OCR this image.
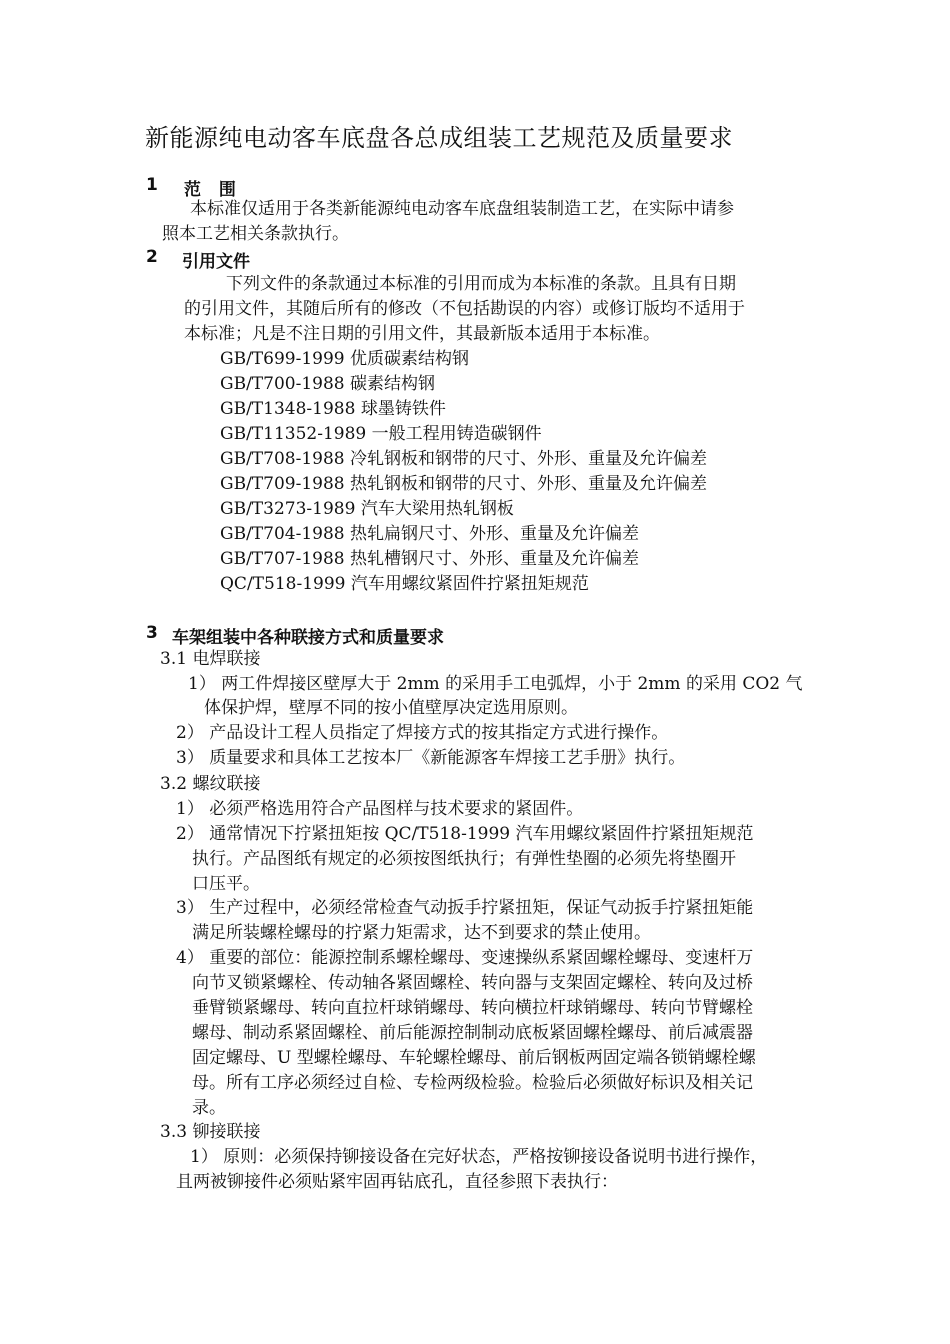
新能源纯电动客车底盘各总成组装工艺规范及质量要求
1 范 围
本标准仅适用于各类新能源纯电动客车底盘组装制造工艺，在实际中请参
照本工艺相关条款执行。
2 引用文件
下列文件的条款通过本标准的引用而成为本标准的条款。且具有日期
的引用文件，其随后所有的修改（不包括勘误的内容）或修订版均不适用于
本标准；凡是不注日期的引用文件，其最新版本适用于本标准。
GB/T699-1999 优质碳素结构钢
GB/T700-1988 碳素结构钢
GB/T1348-1988 球墨铸铁件
GB/T11352-1989 一般工程用铸造碳钢件
GB/T708-1988 冷轧钢板和钢带的尺寸、外形、重量及允许偏差
GB/T709-1988 热轧钢板和钢带的尺寸、外形、重量及允许偏差
GB/T3273-1989 汽车大梁用热轧钢板
GB/T704-1988 热轧扁钢尺寸、外形、重量及允许偏差
GB/T707-1988 热轧槽钢尺寸、外形、重量及允许偏差
QC/T518-1999 汽车用螺纹紧固件拧紧扭矩规范
3 车架组装中各种联接方式和质量要求
3.1 电焊联接
1） 两工件焊接区壁厚大于 2mm 的采用手工电弧焊，小于 2mm 的采用 CO2 气
体保护焊，壁厚不同的按小值壁厚决定选用原则。
2） 产品设计工程人员指定了焊接方式的按其指定方式进行操作。
3） 质量要求和具体工艺按本厂《新能源客车焊接工艺手册》执行。
3.2 螺纹联接
1） 必须严格选用符合产品图样与技术要求的紧固件。
2） 通常情况下拧紧扭矩按 QC/T518-1999 汽车用螺纹紧固件拧紧扭矩规范
执行。产品图纸有规定的必须按图纸执行；有弹性垫圈的必须先将垫圈开
口压平。
3） 生产过程中，必须经常检查气动扳手拧紧扭矩，保证气动扳手拧紧扭矩能
满足所装螺栓螺母的拧紧力矩需求，达不到要求的禁止使用。
4） 重要的部位：能源控制系螺栓螺母、变速操纵系紧固螺栓螺母、变速杆万
向节叉锁紧螺栓、传动轴各紧固螺栓、转向器与支架固定螺栓、转向及过桥
垂臂锁紧螺母、转向直拉杆球销螺母、转向横拉杆球销螺母、转向节臂螺栓
螺母、制动系紧固螺栓、前后能源控制制动底板紧固螺栓螺母、前后减震器
固定螺母、U 型螺栓螺母、车轮螺栓螺母、前后钢板两固定端各锁销螺栓螺
母。所有工序必须经过自检、专检两级检验。检验后必须做好标识及相关记
录。
3.3 铆接联接
1） 原则：必须保持铆接设备在完好状态，严格按铆接设备说明书进行操作，
且两被铆接件必须贴紧牢固再钻底孔，直径参照下表执行：
